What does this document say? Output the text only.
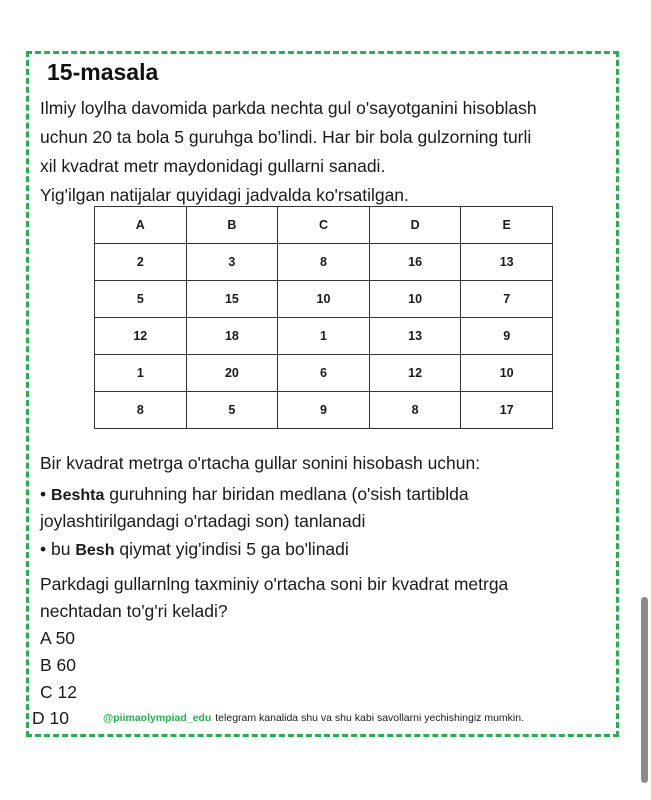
15-masala

Ilmiy loylha davomida parkda nechta gul o'sayotganini hisoblash
uchun 20 ta bola 5 guruhga bo’lindi. Har bir bola gulzorning turli
xil kvadrat metr maydonidagi gullarni sanadi.
Yig'ilgan natijalar quyidagi jadvalda ko'rsatilgan.

A	B	C	D	E
2	3	8	16	13
5	15	10	10	7
12	18	1	13	9
1	20	6	12	10
8	5	9	8	17
Bir kvadrat metrga o'rtacha gullar sonini hisobash uchun:
• Beshta guruhning har biridan medlana (o'sish tartiblda
joylashtirilgandagi o'rtadagi son) tanlanadi
• bu Besh qiymat yig'indisi 5 ga bo'linadi
Parkdagi gullarnlng taxminiy o'rtacha soni bir kvadrat metrga
nechtadan to'g'ri keladi?
A 50
B 60
C 12
D 10	@piimaolympiad_edu telegram kanalida shu va shu kabi savollarni yechishingiz mumkin.
